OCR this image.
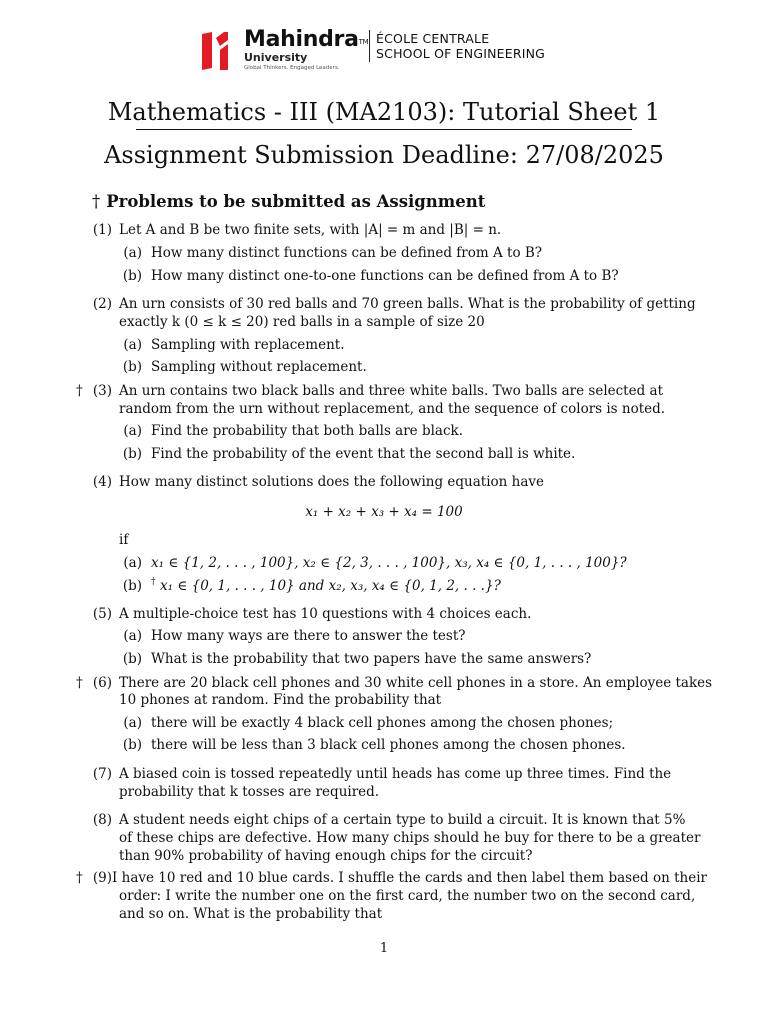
Mahindra™
University
Global Thinkers. Engaged Leaders.
ÉCOLE CENTRALE
SCHOOL OF ENGINEERING
Mathematics - III (MA2103): Tutorial Sheet 1
Assignment Submission Deadline: 27/08/2025
† Problems to be submitted as Assignment
(1) Let A and B be two finite sets, with |A| = m and |B| = n.
(a) How many distinct functions can be defined from A to B?
(b) How many distinct one-to-one functions can be defined from A to B?
(2) An urn consists of 30 red balls and 70 green balls. What is the probability of getting
exactly k (0 ≤ k ≤ 20) red balls in a sample of size 20
(a) Sampling with replacement.
(b) Sampling without replacement.
† (3) An urn contains two black balls and three white balls. Two balls are selected at
random from the urn without replacement, and the sequence of colors is noted.
(a) Find the probability that both balls are black.
(b) Find the probability of the event that the second ball is white.
(4) How many distinct solutions does the following equation have
x₁ + x₂ + x₃ + x₄ = 100
if
(a) x₁ ∈ {1, 2, . . . , 100}, x₂ ∈ {2, 3, . . . , 100}, x₃, x₄ ∈ {0, 1, . . . , 100}?
(b) † x₁ ∈ {0, 1, . . . , 10} and x₂, x₃, x₄ ∈ {0, 1, 2, . . .}?
(5) A multiple-choice test has 10 questions with 4 choices each.
(a) How many ways are there to answer the test?
(b) What is the probability that two papers have the same answers?
† (6) There are 20 black cell phones and 30 white cell phones in a store. An employee takes
10 phones at random. Find the probability that
(a) there will be exactly 4 black cell phones among the chosen phones;
(b) there will be less than 3 black cell phones among the chosen phones.
(7) A biased coin is tossed repeatedly until heads has come up three times. Find the
probability that k tosses are required.
(8) A student needs eight chips of a certain type to build a circuit. It is known that 5%
of these chips are defective. How many chips should he buy for there to be a greater
than 90% probability of having enough chips for the circuit?
† (9) I have 10 red and 10 blue cards. I shuffle the cards and then label them based on their
order: I write the number one on the first card, the number two on the second card,
and so on. What is the probability that
1
